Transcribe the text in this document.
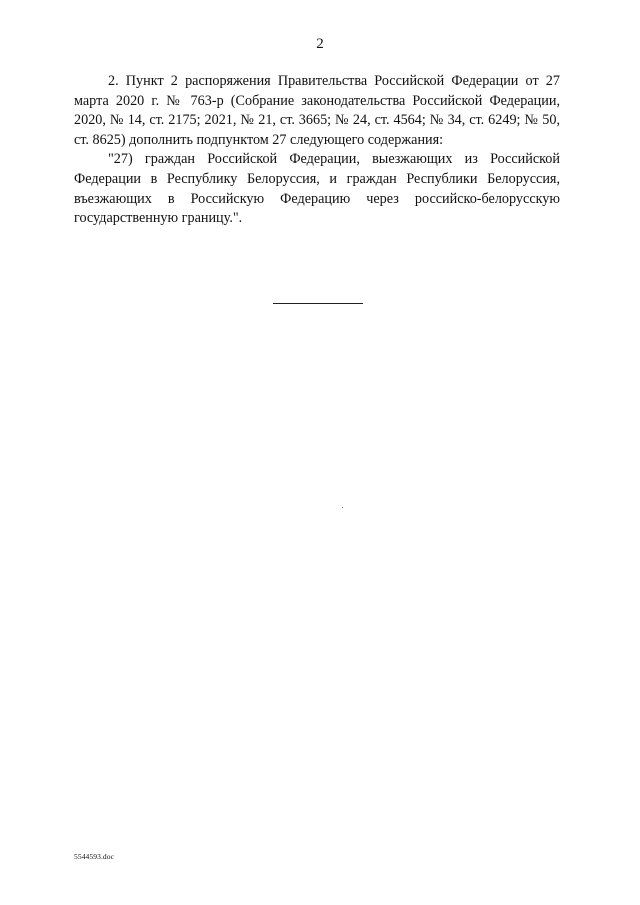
2

2. Пункт 2 распоряжения Правительства Российской Федерации от 27 марта 2020 г. № 763-р (Собрание законодательства Российской Федерации, 2020, № 14, ст. 2175; 2021, № 21, ст. 3665; № 24, ст. 4564; № 34, ст. 6249; № 50, ст. 8625) дополнить подпунктом 27 следующего содержания:

"27) граждан Российской Федерации, выезжающих из Российской Федерации в Республику Белоруссия, и граждан Республики Белоруссия, въезжающих в Российскую Федерацию через российско-белорусскую государственную границу.".

5544593.doc
